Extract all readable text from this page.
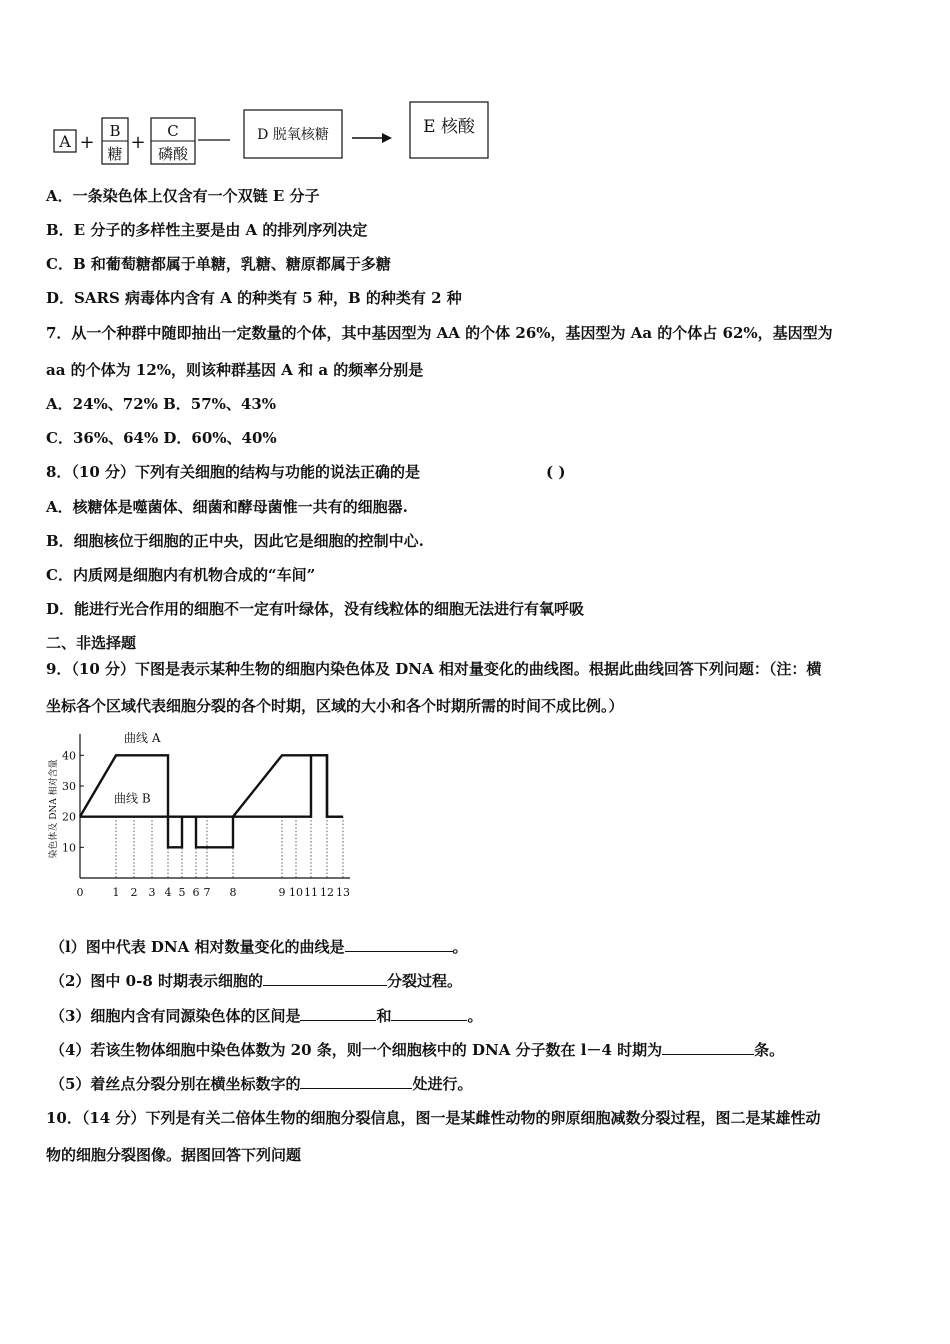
A +
B
糖
+
C
磷酸
D 脱氧核糖	E 核酸
A．一条染色体上仅含有一个双链 E 分子
B．E 分子的多样性主要是由 A 的排列序列决定
C．B 和葡萄糖都属于单糖，乳糖、糖原都属于多糖
D．SARS 病毒体内含有 A 的种类有 5 种，B 的种类有 2 种
7．从一个种群中随即抽出一定数量的个体，其中基因型为 AA 的个体 26%，基因型为 Aa 的个体占 62%，基因型为
aa 的个体为 12%，则该种群基因 A 和 a 的频率分别是
A．24%、72% B．57%、43%
C．36%、64% D．60%、40%
8．（10 分）下列有关细胞的结构与功能的说法正确的是	( )
A．核糖体是噬菌体、细菌和酵母菌惟一共有的细胞器.
B．细胞核位于细胞的正中央，因此它是细胞的控制中心.
C．内质网是细胞内有机物合成的“车间”
D．能进行光合作用的细胞不一定有叶绿体，没有线粒体的细胞无法进行有氧呼吸
二、非选择题
9．（10 分）下图是表示某种生物的细胞内染色体及 DNA 相对量变化的曲线图。根据此曲线回答下列问题：（注：横
坐标各个区域代表细胞分裂的各个时期，区域的大小和各个时期所需的时间不成比例。）
染色体及 DNA 相对含量 10
20
30
40
0	1 2 3 4 5 6 7 8	9 10 11 12 13
曲线 A
曲线 B
（l）图中代表 DNA 相对数量变化的曲线是	。
（2）图中 0-8 时期表示细胞的	分裂过程。
（3）细胞内含有同源染色体的区间是	和	。
（4）若该生物体细胞中染色体数为 20 条，则一个细胞核中的 DNA 分子数在 l－4 时期为	条。
（5）着丝点分裂分别在横坐标数字的	处进行。
10．（14 分）下列是有关二倍体生物的细胞分裂信息，图一是某雌性动物的卵原细胞减数分裂过程，图二是某雄性动
物的细胞分裂图像。据图回答下列问题
